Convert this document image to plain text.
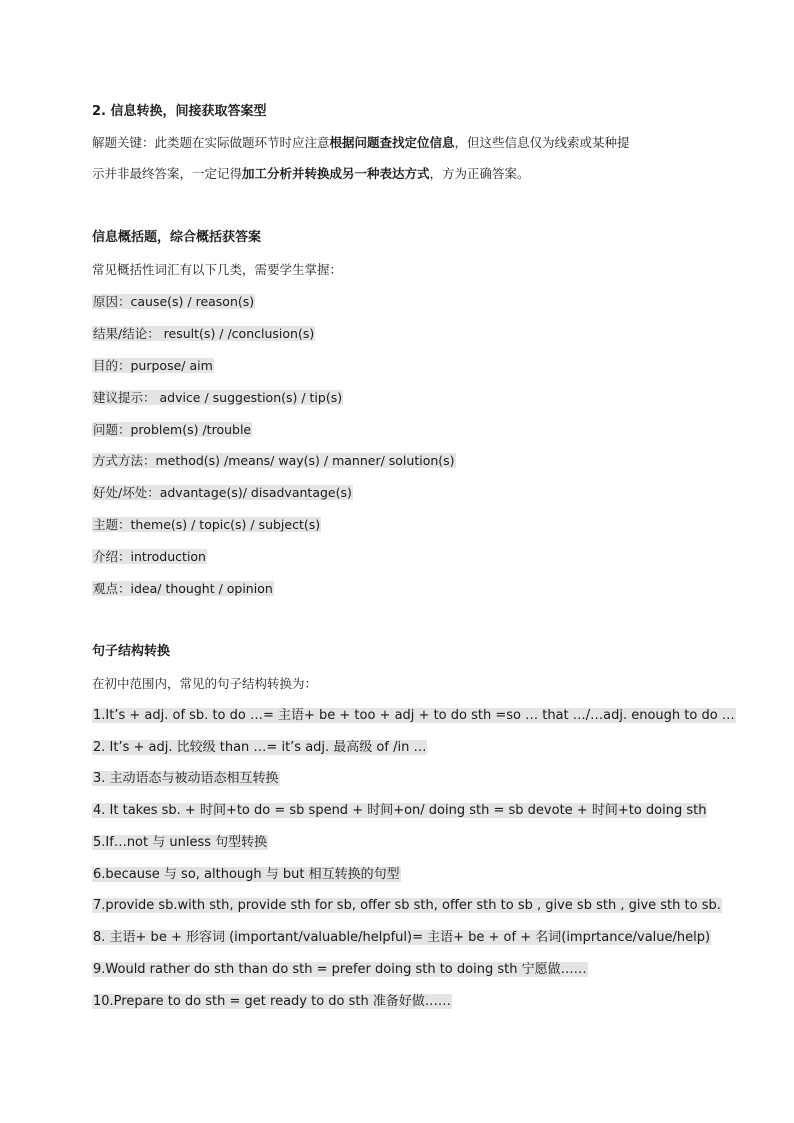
2. 信息转换，间接获取答案型
解题关键：此类题在实际做题环节时应注意根据问题查找定位信息，但这些信息仅为线索或某种提
示并非最终答案，一定记得加工分析并转换成另一种表达方式，方为正确答案。
信息概括题，综合概括获答案
常见概括性词汇有以下几类，需要学生掌握：
原因：cause(s) / reason(s)
结果/结论： result(s) / /conclusion(s)
目的：purpose/ aim
建议提示： advice / suggestion(s) / tip(s)
问题：problem(s) /trouble
方式方法：method(s) /means/ way(s) / manner/ solution(s)
好处/坏处：advantage(s)/ disadvantage(s)
主题：theme(s) / topic(s) / subject(s)
介绍：introduction
观点：idea/ thought / opinion
句子结构转换
在初中范围内，常见的句子结构转换为：
1.It’s + adj. of sb. to do …= 主语+ be + too + adj + to do sth =so … that …/…adj. enough to do …
2. It’s + adj. 比较级 than …= it’s adj. 最高级 of /in …
3. 主动语态与被动语态相互转换
4. It takes sb. + 时间+to do = sb spend + 时间+on/ doing sth = sb devote + 时间+to doing sth
5.If…not 与 unless 句型转换
6.because 与 so, although 与 but 相互转换的句型
7.provide sb.with sth, provide sth for sb, offer sb sth, offer sth to sb , give sb sth , give sth to sb.
8. 主语+ be + 形容词 (important/valuable/helpful)= 主语+ be + of + 名词(imprtance/value/help)
9.Would rather do sth than do sth = prefer doing sth to doing sth 宁愿做……
10.Prepare to do sth = get ready to do sth 准备好做……
